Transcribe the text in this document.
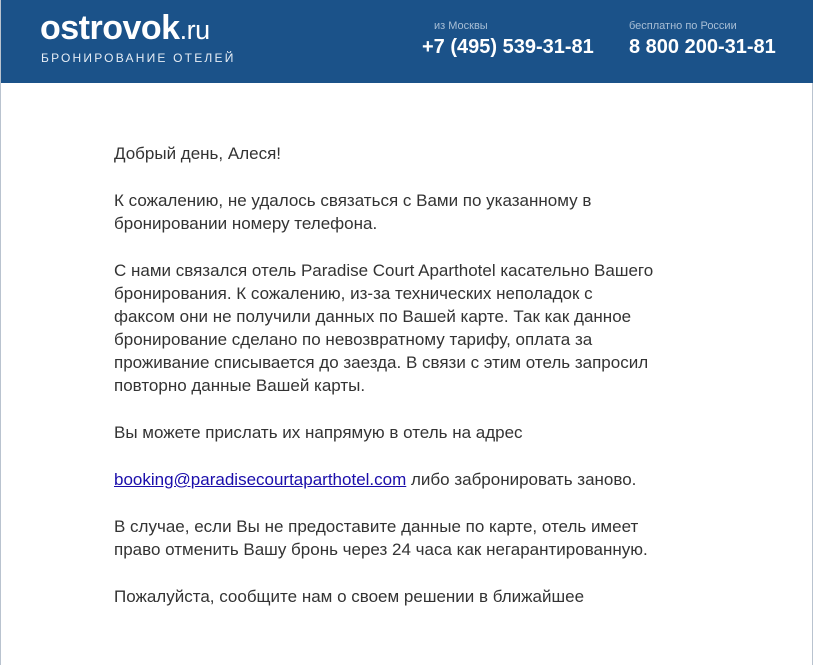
ostrovok.ru
БРОНИРОВАНИЕ ОТЕЛЕЙ
из Москвы
+7 (495) 539-31-81
бесплатно по России
8 800 200-31-81

Добрый день, Алеся!

К сожалению, не удалось связаться с Вами по указанному в бронировании номеру телефона.

С нами связался отель Paradise Court Aparthotel касательно Вашего бронирования. К сожалению, из-за технических неполадок с факсом они не получили данных по Вашей карте. Так как данное бронирование сделано по невозвратному тарифу, оплата за проживание списывается до заезда. В связи с этим отель запросил повторно данные Вашей карты.

Вы можете прислать их напрямую в отель на адрес

booking@paradisecourtaparthotel.com либо забронировать заново.

В случае, если Вы не предоставите данные по карте, отель имеет право отменить Вашу бронь через 24 часа как негарантированную.

Пожалуйста, сообщите нам о своем решении в ближайшее
